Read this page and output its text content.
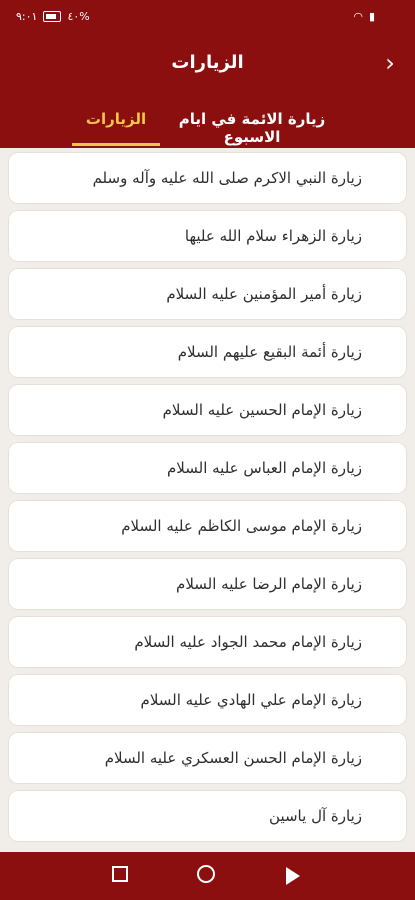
٩:٠١	٤٠%	◠ ▮
›
الزيارات
الزيارات	زيارة الائمة في ايام الاسبوع
زيارة النبي الاكرم صلى الله عليه وآله وسلم
زيارة الزهراء سلام الله عليها
زيارة أمير المؤمنين عليه السلام
زيارة أئمة البقيع عليهم السلام
زيارة الإمام الحسين عليه السلام
زيارة الإمام العباس عليه السلام
زيارة الإمام موسى الكاظم عليه السلام
زيارة الإمام الرضا عليه السلام
زيارة الإمام محمد الجواد عليه السلام
زيارة الإمام علي الهادي عليه السلام
زيارة الإمام الحسن العسكري عليه السلام
زيارة آل ياسين
